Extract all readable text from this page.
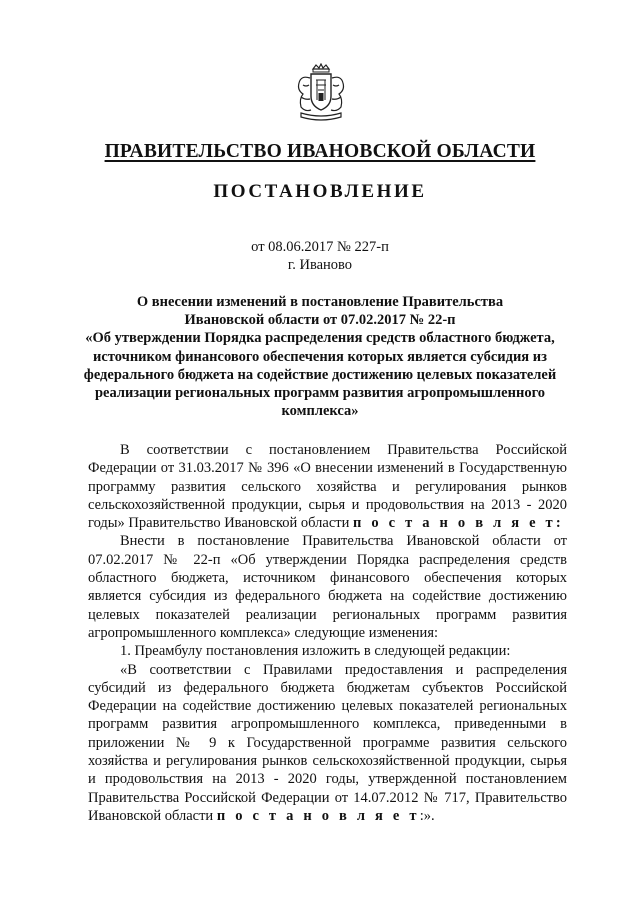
ПРАВИТЕЛЬСТВО ИВАНОВСКОЙ ОБЛАСТИ
ПОСТАНОВЛЕНИЕ
от 08.06.2017 № 227-п
г. Иваново
О внесении изменений в постановление Правительства
Ивановской области от 07.02.2017 № 22-п
«Об утверждении Порядка распределения средств областного бюджета, источником финансового обеспечения которых является субсидия из федерального бюджета на содействие достижению целевых показателей реализации региональных программ развития агропромышленного комплекса»

В соответствии с постановлением Правительства Российской Федерации от 31.03.2017 № 396 «О внесении изменений в Государственную программу развития сельского хозяйства и регулирования рынков сельскохозяйственной продукции, сырья и продовольствия на 2013 - 2020 годы» Правительство Ивановской области п о с т а н о в л я е т:

Внести в постановление Правительства Ивановской области от 07.02.2017 № 22-п «Об утверждении Порядка распределения средств областного бюджета, источником финансового обеспечения которых является субсидия из федерального бюджета на содействие достижению целевых показателей реализации региональных программ развития агропромышленного комплекса» следующие изменения:

1. Преамбулу постановления изложить в следующей редакции:

«В соответствии с Правилами предоставления и распределения субсидий из федерального бюджета бюджетам субъектов Российской Федерации на содействие достижению целевых показателей региональных программ развития агропромышленного комплекса, приведенными в приложении № 9 к Государственной программе развития сельского хозяйства и регулирования рынков сельскохозяйственной продукции, сырья и продовольствия на 2013 - 2020 годы, утвержденной постановлением Правительства Российской Федерации от 14.07.2012 № 717, Правительство Ивановской области п о с т а н о в л я е т:».
